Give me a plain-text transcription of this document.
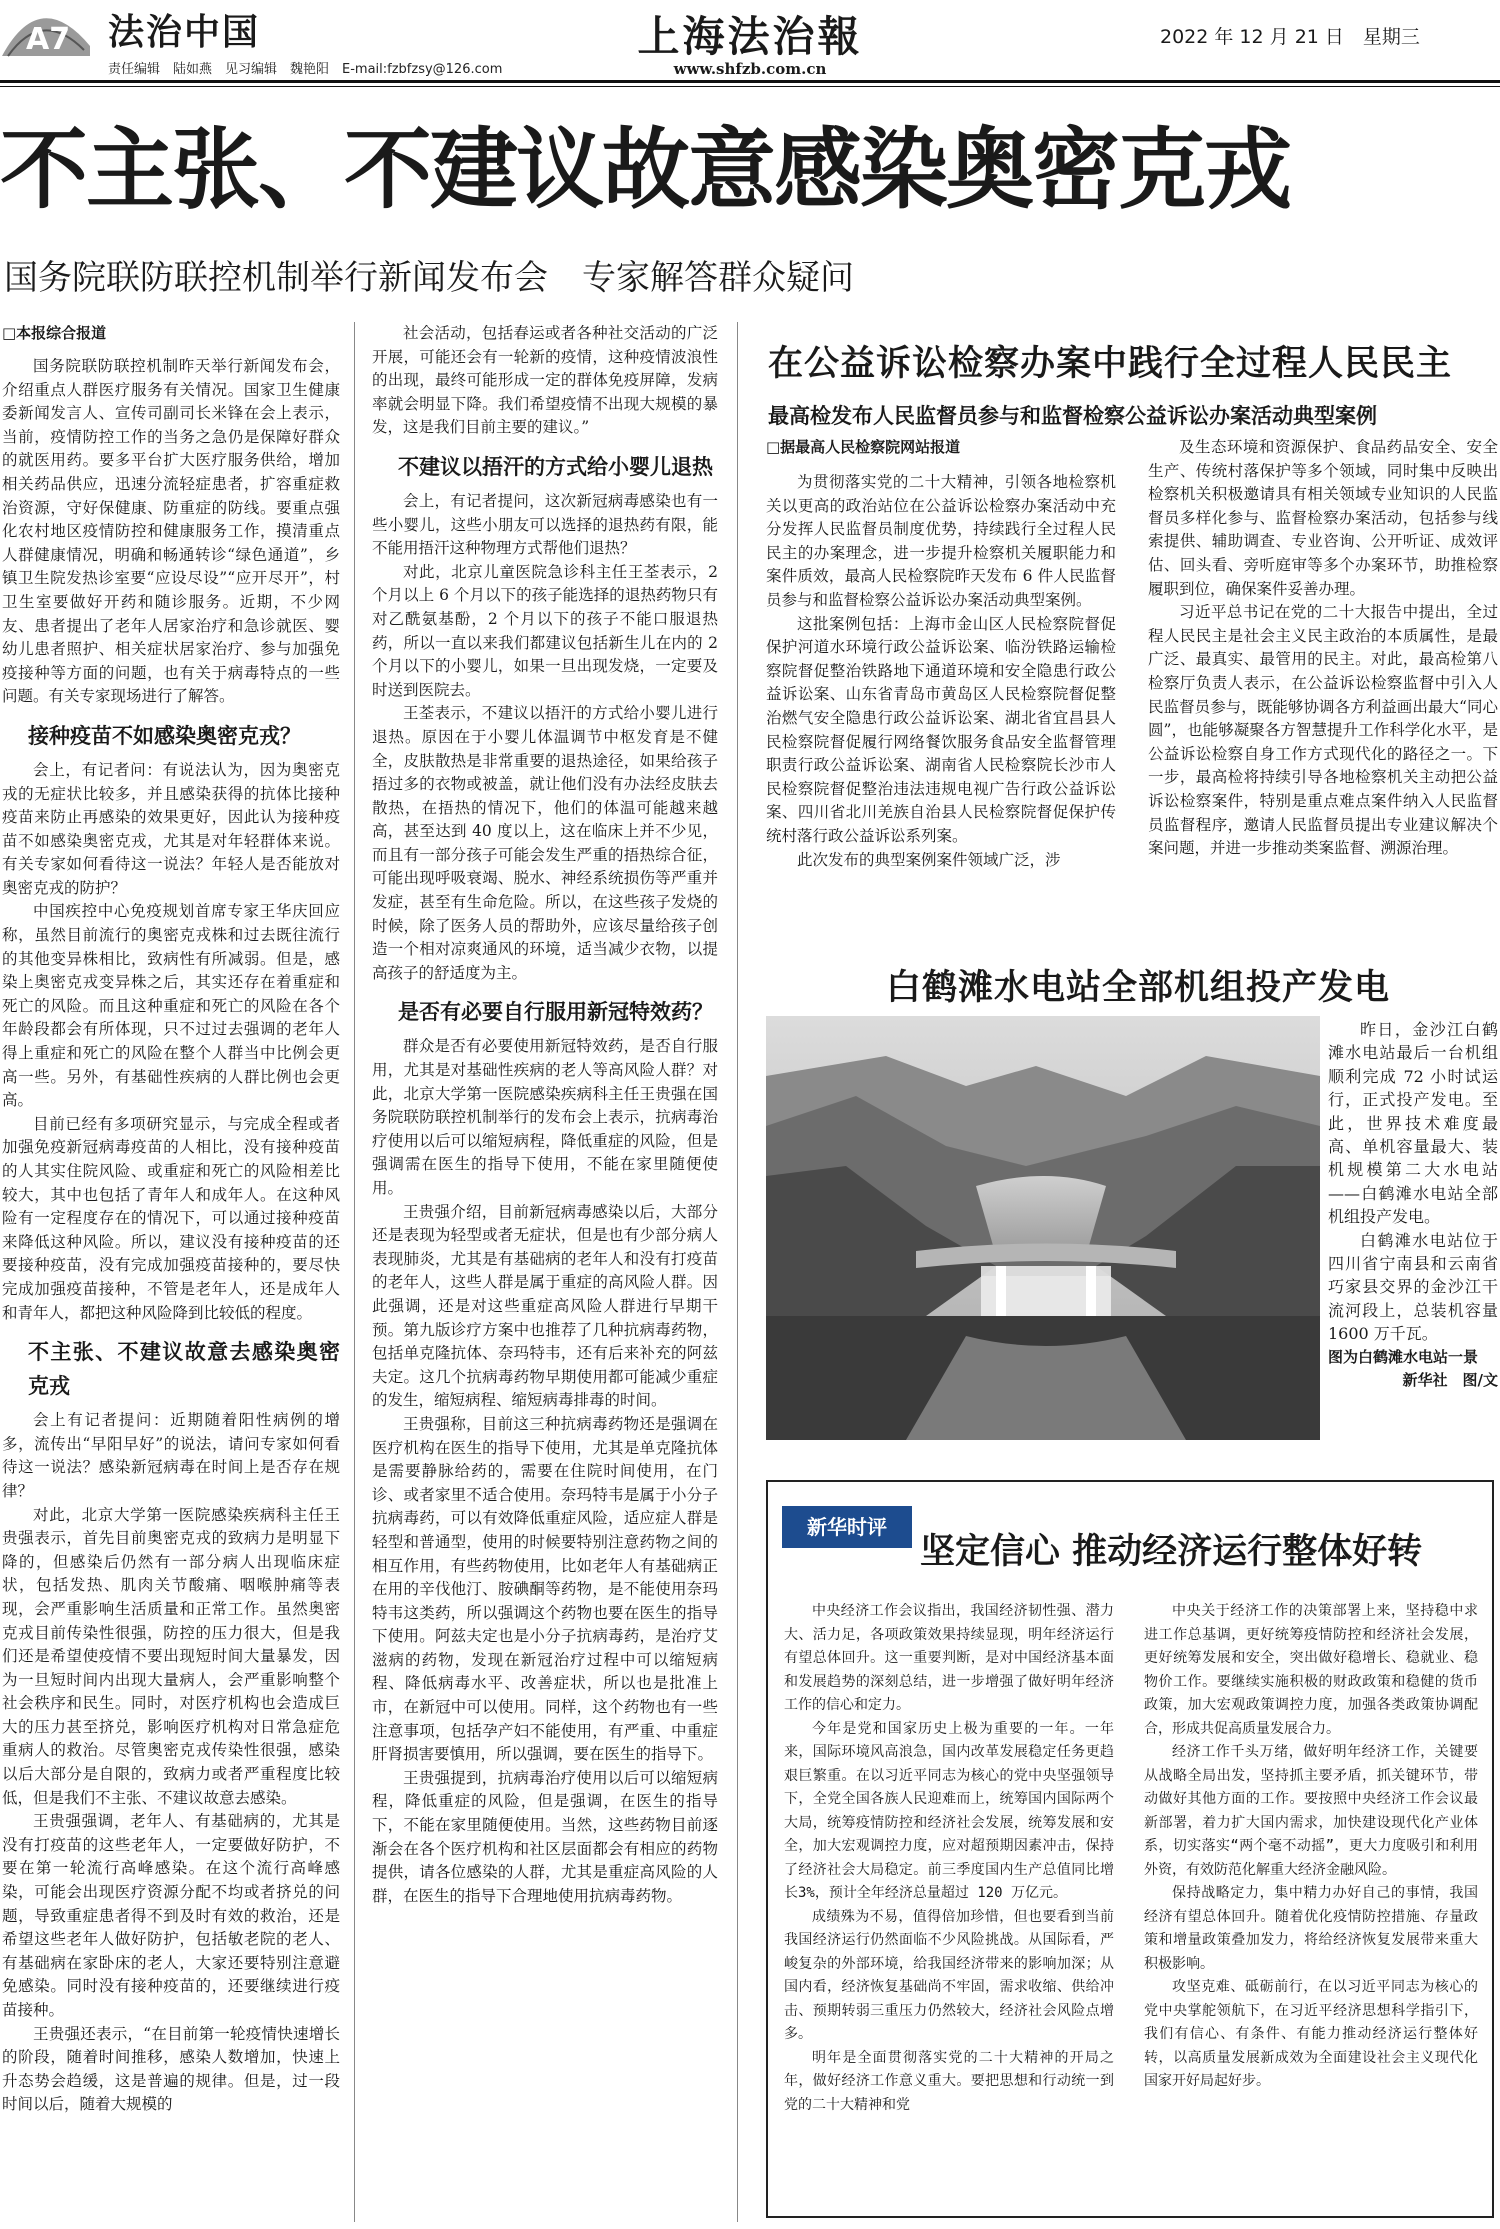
A7 法治中国
责任编辑　陆如燕　见习编辑　魏艳阳　E-mail:fzbfzsy@126.com
上海法治報
www.shfzb.com.cn
2022 年 12 月 21 日　星期三
不主张、不建议故意感染奥密克戎
国务院联防联控机制举行新闻发布会　专家解答群众疑问
□本报综合报道

国务院联防联控机制昨天举行新闻发布会，介绍重点人群医疗服务有关情况。国家卫生健康委新闻发言人、宣传司副司长米锋在会上表示，当前，疫情防控工作的当务之急仍是保障好群众的就医用药。要多平台扩大医疗服务供给，增加相关药品供应，迅速分流轻症患者，扩容重症救治资源，守好保健康、防重症的防线。要重点强化农村地区疫情防控和健康服务工作，摸清重点人群健康情况，明确和畅通转诊“绿色通道”，乡镇卫生院发热诊室要“应设尽设”“应开尽开”，村卫生室要做好开药和随诊服务。近期，不少网友、患者提出了老年人居家治疗和急诊就医、婴幼儿患者照护、相关症状居家治疗、参与加强免疫接种等方面的问题，也有关于病毒特点的一些问题。有关专家现场进行了解答。

接种疫苗不如感染奥密克戎？

会上，有记者问：有说法认为，因为奥密克戎的无症状比较多，并且感染获得的抗体比接种疫苗来防止再感染的效果更好，因此认为接种疫苗不如感染奥密克戎，尤其是对年轻群体来说。有关专家如何看待这一说法？年轻人是否能放对奥密克戎的防护？

中国疾控中心免疫规划首席专家王华庆回应称，虽然目前流行的奥密克戎株和过去既往流行的其他变异株相比，致病性有所减弱。但是，感染上奥密克戎变异株之后，其实还存在着重症和死亡的风险。而且这种重症和死亡的风险在各个年龄段都会有所体现，只不过过去强调的老年人得上重症和死亡的风险在整个人群当中比例会更高一些。另外，有基础性疾病的人群比例也会更高。

目前已经有多项研究显示，与完成全程或者加强免疫新冠病毒疫苗的人相比，没有接种疫苗的人其实住院风险、或重症和死亡的风险相差比较大，其中也包括了青年人和成年人。在这种风险有一定程度存在的情况下，可以通过接种疫苗来降低这种风险。所以，建议没有接种疫苗的还要接种疫苗，没有完成加强疫苗接种的，要尽快完成加强疫苗接种，不管是老年人，还是成年人和青年人，都把这种风险降到比较低的程度。

不主张、不建议故意去感染奥密克戎

会上有记者提问：近期随着阳性病例的增多，流传出“早阳早好”的说法，请问专家如何看待这一说法？感染新冠病毒在时间上是否存在规律？

对此，北京大学第一医院感染疾病科主任王贵强表示，首先目前奥密克戎的致病力是明显下降的，但感染后仍然有一部分病人出现临床症状，包括发热、肌肉关节酸痛、咽喉肿痛等表现，会严重影响生活质量和正常工作。虽然奥密克戎目前传染性很强，防控的压力很大，但是我们还是希望使疫情不要出现短时间大量暴发，因为一旦短时间内出现大量病人，会严重影响整个社会秩序和民生。同时，对医疗机构也会造成巨大的压力甚至挤兑，影响医疗机构对日常急症危重病人的救治。尽管奥密克戎传染性很强，感染以后大部分是自限的，致病力或者严重程度比较低，但是我们不主张、不建议故意去感染。

王贵强强调，老年人、有基础病的，尤其是没有打疫苗的这些老年人，一定要做好防护，不要在第一轮流行高峰感染。在这个流行高峰感染，可能会出现医疗资源分配不均或者挤兑的问题，导致重症患者得不到及时有效的救治，还是希望这些老年人做好防护，包括敏老院的老人、有基础病在家卧床的老人，大家还要特别注意避免感染。同时没有接种疫苗的，还要继续进行疫苗接种。

王贵强还表示，“在目前第一轮疫情快速增长的阶段，随着时间推移，感染人数增加，快速上升态势会趋缓，这是普遍的规律。但是，过一段时间以后，随着大规模的

社会活动，包括春运或者各种社交活动的广泛开展，可能还会有一轮新的疫情，这种疫情波浪性的出现，最终可能形成一定的群体免疫屏障，发病率就会明显下降。我们希望疫情不出现大规模的暴发，这是我们目前主要的建议。”

不建议以捂汗的方式给小婴儿退热

会上，有记者提问，这次新冠病毒感染也有一些小婴儿，这些小朋友可以选择的退热药有限，能不能用捂汗这种物理方式帮他们退热？

对此，北京儿童医院急诊科主任王荃表示，2 个月以上 6 个月以下的孩子能选择的退热药物只有对乙酰氨基酚，2 个月以下的孩子不能口服退热药，所以一直以来我们都建议包括新生儿在内的 2 个月以下的小婴儿，如果一旦出现发烧，一定要及时送到医院去。

王荃表示，不建议以捂汗的方式给小婴儿进行退热。原因在于小婴儿体温调节中枢发育是不健全，皮肤散热是非常重要的退热途径，如果给孩子捂过多的衣物或被盖，就让他们没有办法经皮肤去散热，在捂热的情况下，他们的体温可能越来越高，甚至达到 40 度以上，这在临床上并不少见，而且有一部分孩子可能会发生严重的捂热综合征，可能出现呼吸衰竭、脱水、神经系统损伤等严重并发症，甚至有生命危险。所以，在这些孩子发烧的时候，除了医务人员的帮助外，应该尽量给孩子创造一个相对凉爽通风的环境，适当减少衣物，以提高孩子的舒适度为主。

是否有必要自行服用新冠特效药？

群众是否有必要使用新冠特效药，是否自行服用，尤其是对基础性疾病的老人等高风险人群？对此，北京大学第一医院感染疾病科主任王贵强在国务院联防联控机制举行的发布会上表示，抗病毒治疗使用以后可以缩短病程，降低重症的风险，但是强调需在医生的指导下使用，不能在家里随便使用。

王贵强介绍，目前新冠病毒感染以后，大部分还是表现为轻型或者无症状，但是也有少部分病人表现肺炎，尤其是有基础病的老年人和没有打疫苗的老年人，这些人群是属于重症的高风险人群。因此强调，还是对这些重症高风险人群进行早期干预。第九版诊疗方案中也推荐了几种抗病毒药物，包括单克隆抗体、奈玛特韦，还有后来补充的阿兹夫定。这几个抗病毒药物早期使用都可能减少重症的发生，缩短病程、缩短病毒排毒的时间。

王贵强称，目前这三种抗病毒药物还是强调在医疗机构在医生的指导下使用，尤其是单克隆抗体是需要静脉给药的，需要在住院时间使用，在门诊、或者家里不适合使用。奈玛特韦是属于小分子抗病毒药，可以有效降低重症风险，适应症人群是轻型和普通型，使用的时候要特别注意药物之间的相互作用，有些药物使用，比如老年人有基础病正在用的辛伐他汀、胺碘酮等药物，是不能使用奈玛特韦这类药，所以强调这个药物也要在医生的指导下使用。阿兹夫定也是小分子抗病毒药，是治疗艾滋病的药物，发现在新冠治疗过程中可以缩短病程、降低病毒水平、改善症状，所以也是批准上市，在新冠中可以使用。同样，这个药物也有一些注意事项，包括孕产妇不能使用，有严重、中重症肝肾损害要慎用，所以强调，要在医生的指导下。

王贵强提到，抗病毒治疗使用以后可以缩短病程，降低重症的风险，但是强调，在医生的指导下，不能在家里随便使用。当然，这些药物目前逐渐会在各个医疗机构和社区层面都会有相应的药物提供，请各位感染的人群，尤其是重症高风险的人群，在医生的指导下合理地使用抗病毒药物。

在公益诉讼检察办案中践行全过程人民民主
最高检发布人民监督员参与和监督检察公益诉讼办案活动典型案例
□据最高人民检察院网站报道

为贯彻落实党的二十大精神，引领各地检察机关以更高的政治站位在公益诉讼检察办案活动中充分发挥人民监督员制度优势，持续践行全过程人民民主的办案理念，进一步提升检察机关履职能力和案件质效，最高人民检察院昨天发布 6 件人民监督员参与和监督检察公益诉讼办案活动典型案例。

这批案例包括：上海市金山区人民检察院督促保护河道水环境行政公益诉讼案、临汾铁路运输检察院督促整治铁路地下通道环境和安全隐患行政公益诉讼案、山东省青岛市黄岛区人民检察院督促整治燃气安全隐患行政公益诉讼案、湖北省宜昌县人民检察院督促履行网络餐饮服务食品安全监督管理职责行政公益诉讼案、湖南省人民检察院长沙市人民检察院督促整治违法违规电视广告行政公益诉讼案、四川省北川羌族自治县人民检察院督促保护传统村落行政公益诉讼系列案。

此次发布的典型案例案件领域广泛，涉

及生态环境和资源保护、食品药品安全、安全生产、传统村落保护等多个领域，同时集中反映出检察机关积极邀请具有相关领域专业知识的人民监督员多样化参与、监督检察办案活动，包括参与线索提供、辅助调查、专业咨询、公开听证、成效评估、回头看、旁听庭审等多个办案环节，助推检察履职到位，确保案件妥善办理。

习近平总书记在党的二十大报告中提出，全过程人民民主是社会主义民主政治的本质属性，是最广泛、最真实、最管用的民主。对此，最高检第八检察厅负责人表示，在公益诉讼检察监督中引入人民监督员参与，既能够协调各方利益画出最大“同心圆”，也能够凝聚各方智慧提升工作科学化水平，是公益诉讼检察自身工作方式现代化的路径之一。下一步，最高检将持续引导各地检察机关主动把公益诉讼检察案件，特别是重点难点案件纳入人民监督员监督程序，邀请人民监督员提出专业建议解决个案问题，并进一步推动类案监督、溯源治理。

白鹤滩水电站全部机组投产发电

昨日，金沙江白鹤滩水电站最后一台机组顺利完成 72 小时试运行，正式投产发电。至此，世界技术难度最高、单机容量最大、装机规模第二大水电站——白鹤滩水电站全部机组投产发电。

白鹤滩水电站位于四川省宁南县和云南省巧家县交界的金沙江干流河段上，总装机容量 1600 万千瓦。

图为白鹤滩水电站一景
新华社　图/文
新华时评
坚定信心 推动经济运行整体好转

中央经济工作会议指出，我国经济韧性强、潜力大、活力足，各项政策效果持续显现，明年经济运行有望总体回升。这一重要判断，是对中国经济基本面和发展趋势的深刻总结，进一步增强了做好明年经济工作的信心和定力。

今年是党和国家历史上极为重要的一年。一年来，国际环境风高浪急，国内改革发展稳定任务更趋艰巨繁重。在以习近平同志为核心的党中央坚强领导下，全党全国各族人民迎难而上，统筹国内国际两个大局，统筹疫情防控和经济社会发展，统筹发展和安全，加大宏观调控力度，应对超预期因素冲击，保持了经济社会大局稳定。前三季度国内生产总值同比增长3%，预计全年经济总量超过 120 万亿元。

成绩殊为不易，值得倍加珍惜，但也要看到当前我国经济运行仍然面临不少风险挑战。从国际看，严峻复杂的外部环境，给我国经济带来的影响加深；从国内看，经济恢复基础尚不牢固，需求收缩、供给冲击、预期转弱三重压力仍然较大，经济社会风险点增多。

明年是全面贯彻落实党的二十大精神的开局之年，做好经济工作意义重大。要把思想和行动统一到党的二十大精神和党

中央关于经济工作的决策部署上来，坚持稳中求进工作总基调，更好统筹疫情防控和经济社会发展，更好统筹发展和安全，突出做好稳增长、稳就业、稳物价工作。要继续实施积极的财政政策和稳健的货币政策，加大宏观政策调控力度，加强各类政策协调配合，形成共促高质量发展合力。

经济工作千头万绪，做好明年经济工作，关键要从战略全局出发，坚持抓主要矛盾，抓关键环节，带动做好其他方面的工作。要按照中央经济工作会议最新部署，着力扩大国内需求，加快建设现代化产业体系，切实落实“两个毫不动摇”，更大力度吸引和利用外资，有效防范化解重大经济金融风险。

保持战略定力，集中精力办好自己的事情，我国经济有望总体回升。随着优化疫情防控措施、存量政策和增量政策叠加发力，将给经济恢复发展带来重大积极影响。

攻坚克难、砥砺前行，在以习近平同志为核心的党中央掌舵领航下，在习近平经济思想科学指引下，我们有信心、有条件、有能力推动经济运行整体好转，以高质量发展新成效为全面建设社会主义现代化国家开好局起好步。
